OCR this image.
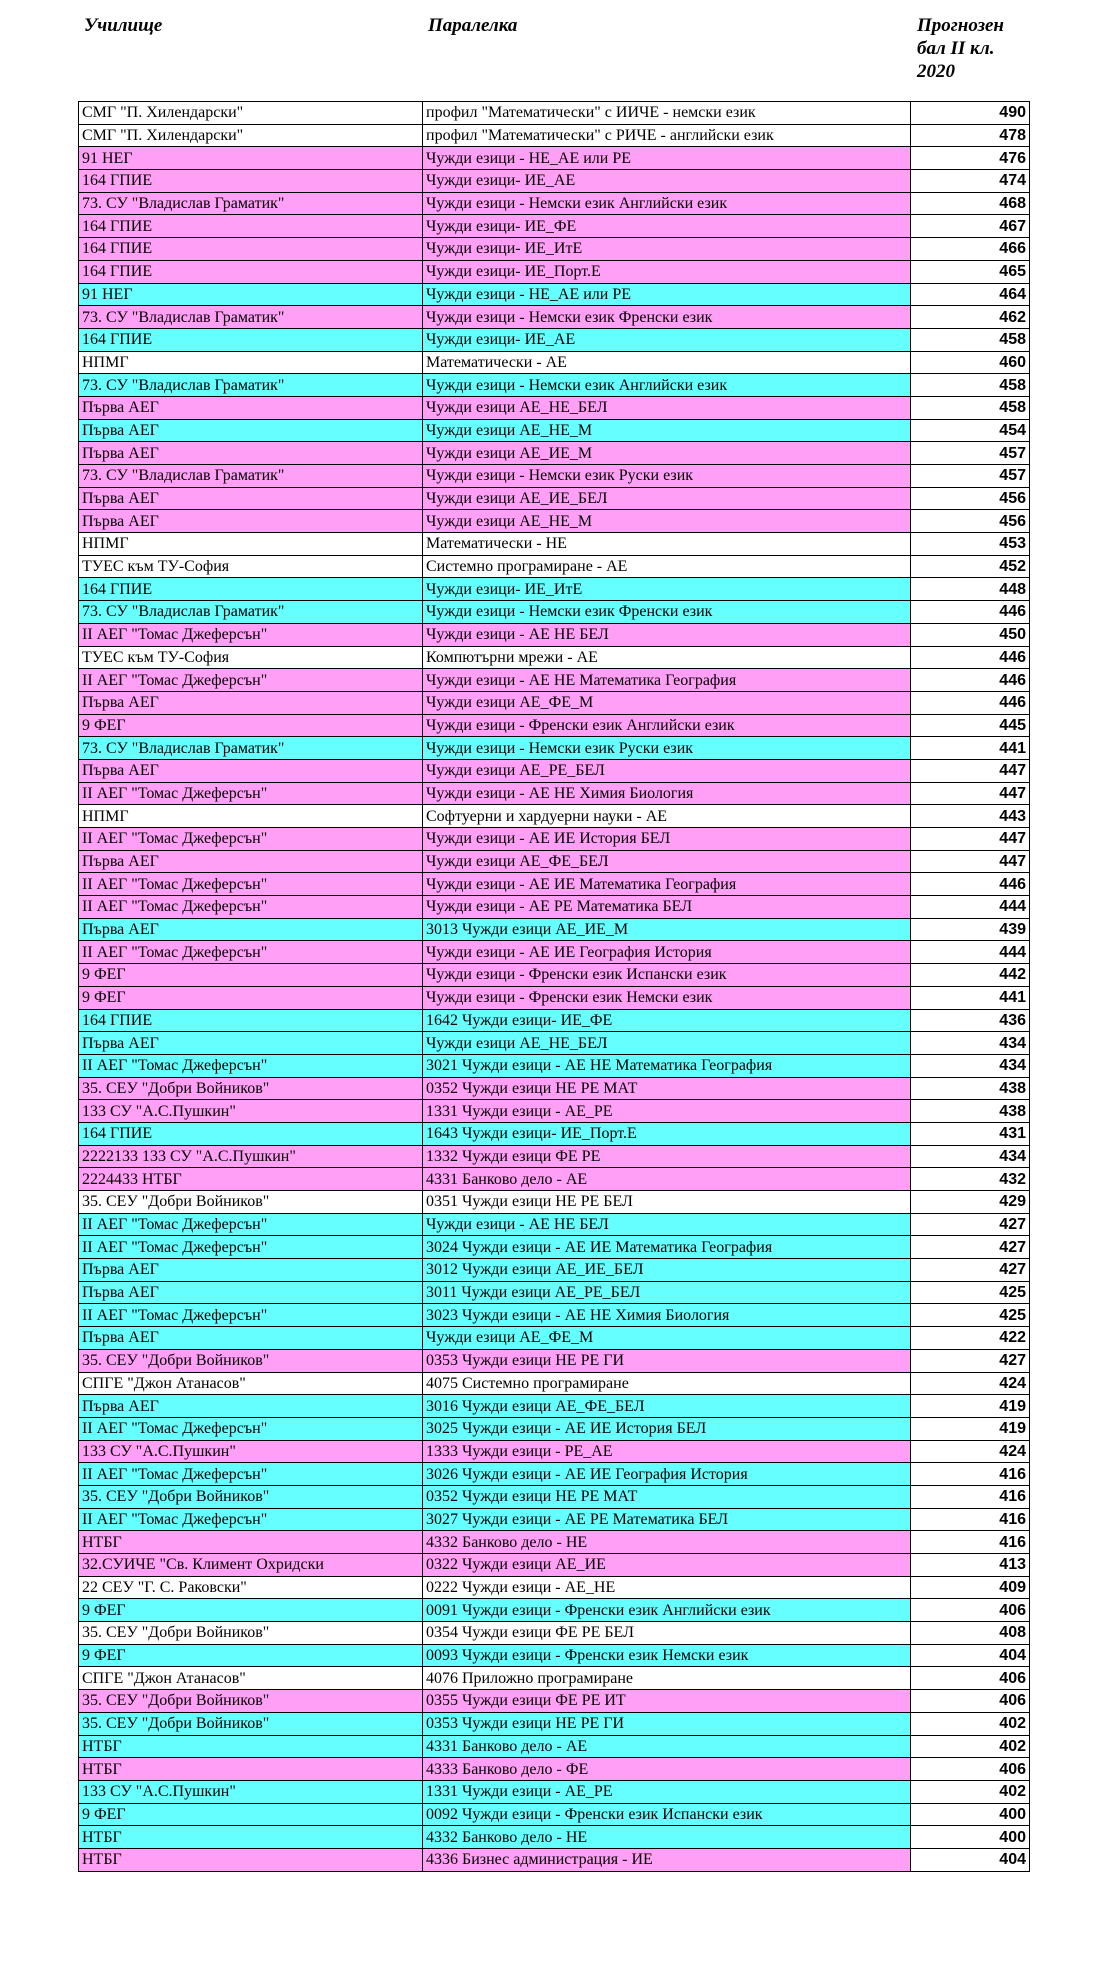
Училище	Паралелка	Прогнозен
бал II кл.
2020
СМГ "П. Хилендарски"	профил "Математически" с ИИЧЕ - немски език	490
СМГ "П. Хилендарски"	профил "Математически" с РИЧЕ - английски език	478
91 НЕГ	Чужди езици - НЕ_АЕ или РЕ	476
164 ГПИЕ	Чужди езици- ИЕ_АЕ	474
73. СУ "Владислав Граматик"	Чужди езици - Немски език Английски език	468
164 ГПИЕ	Чужди езици- ИЕ_ФЕ	467
164 ГПИЕ	Чужди езици- ИЕ_ИтЕ	466
164 ГПИЕ	Чужди езици- ИЕ_Порт.Е	465
91 НЕГ	Чужди езици - НЕ_АЕ или РЕ	464
73. СУ "Владислав Граматик"	Чужди езици - Немски език Френски език	462
164 ГПИЕ	Чужди езици- ИЕ_АЕ	458
НПМГ	Математически - АЕ	460
73. СУ "Владислав Граматик"	Чужди езици - Немски език Английски език	458
Първа АЕГ	Чужди езици АЕ_НЕ_БЕЛ	458
Първа АЕГ	Чужди езици АЕ_НЕ_М	454
Първа АЕГ	Чужди езици АЕ_ИЕ_М	457
73. СУ "Владислав Граматик"	Чужди езици - Немски език Руски език	457
Първа АЕГ	Чужди езици АЕ_ИЕ_БЕЛ	456
Първа АЕГ	Чужди езици АЕ_НЕ_М	456
НПМГ	Математически - НЕ	453
ТУЕС към ТУ-София	Системно програмиране - АЕ	452
164 ГПИЕ	Чужди езици- ИЕ_ИтЕ	448
73. СУ "Владислав Граматик"	Чужди езици - Немски език Френски език	446
II АЕГ "Томас Джеферсън"	Чужди езици - АЕ НЕ БЕЛ	450
ТУЕС към ТУ-София	Компютърни мрежи - АЕ	446
II АЕГ "Томас Джеферсън"	Чужди езици - АЕ НЕ Математика География	446
Първа АЕГ	Чужди езици АЕ_ФЕ_М	446
9 ФЕГ	Чужди езици - Френски език Английски език	445
73. СУ "Владислав Граматик"	Чужди езици - Немски език Руски език	441
Първа АЕГ	Чужди езици АЕ_РЕ_БЕЛ	447
II АЕГ "Томас Джеферсън"	Чужди езици - АЕ НЕ Химия Биология	447
НПМГ	Софтуерни и хардуерни науки - АЕ	443
II АЕГ "Томас Джеферсън"	Чужди езици - АЕ ИЕ История БЕЛ	447
Първа АЕГ	Чужди езици АЕ_ФЕ_БЕЛ	447
II АЕГ "Томас Джеферсън"	Чужди езици - АЕ ИЕ Математика География	446
II АЕГ "Томас Джеферсън"	Чужди езици - АЕ РЕ Математика БЕЛ	444
Първа АЕГ	3013 Чужди езици АЕ_ИЕ_М	439
II АЕГ "Томас Джеферсън"	Чужди езици - АЕ ИЕ География История	444
9 ФЕГ	Чужди езици - Френски език Испански език	442
9 ФЕГ	Чужди езици - Френски език Немски език	441
164 ГПИЕ	1642 Чужди езици- ИЕ_ФЕ	436
Първа АЕГ	Чужди езици АЕ_НЕ_БЕЛ	434
II АЕГ "Томас Джеферсън"	3021 Чужди езици - АЕ НЕ Математика География	434
35. СЕУ "Добри Войников"	0352 Чужди езици НЕ РЕ МАТ	438
133 СУ "А.С.Пушкин"	1331 Чужди езици - АЕ_РЕ	438
164 ГПИЕ	1643 Чужди езици- ИЕ_Порт.Е	431
2222133 133 СУ "А.С.Пушкин"	1332 Чужди езици ФЕ РЕ	434
2224433 НТБГ	4331 Банково дело - АЕ	432
35. СЕУ "Добри Войников"	0351 Чужди езици НЕ РЕ БЕЛ	429
II АЕГ "Томас Джеферсън"	Чужди езици - АЕ НЕ БЕЛ	427
II АЕГ "Томас Джеферсън"	3024 Чужди езици - АЕ ИЕ Математика География	427
Първа АЕГ	3012 Чужди езици АЕ_ИЕ_БЕЛ	427
Първа АЕГ	3011 Чужди езици АЕ_РЕ_БЕЛ	425
II АЕГ "Томас Джеферсън"	3023 Чужди езици - АЕ НЕ Химия Биология	425
Първа АЕГ	Чужди езици АЕ_ФЕ_М	422
35. СЕУ "Добри Войников"	0353 Чужди езици НЕ РЕ ГИ	427
СПГЕ "Джон Атанасов"	4075 Системно програмиране	424
Първа АЕГ	3016 Чужди езици АЕ_ФЕ_БЕЛ	419
II АЕГ "Томас Джеферсън"	3025 Чужди езици - АЕ ИЕ История БЕЛ	419
133 СУ "А.С.Пушкин"	1333 Чужди езици - РЕ_АЕ	424
II АЕГ "Томас Джеферсън"	3026 Чужди езици - АЕ ИЕ География История	416
35. СЕУ "Добри Войников"	0352 Чужди езици НЕ РЕ МАТ	416
II АЕГ "Томас Джеферсън"	3027 Чужди езици - АЕ РЕ Математика БЕЛ	416
НТБГ	4332 Банково дело - НЕ	416
32.СУИЧЕ "Св. Климент Охридски	0322 Чужди езици АЕ_ИЕ	413
22 СЕУ "Г. С. Раковски"	0222 Чужди езици - АЕ_НЕ	409
9 ФЕГ	0091 Чужди езици - Френски език Английски език	406
35. СЕУ "Добри Войников"	0354 Чужди езици ФЕ РЕ БЕЛ	408
9 ФЕГ	0093 Чужди езици - Френски език Немски език	404
СПГЕ "Джон Атанасов"	4076 Приложно програмиране	406
35. СЕУ "Добри Войников"	0355 Чужди езици ФЕ РЕ ИТ	406
35. СЕУ "Добри Войников"	0353 Чужди езици НЕ РЕ ГИ	402
НТБГ	4331 Банково дело - АЕ	402
НТБГ	4333 Банково дело - ФЕ	406
133 СУ "А.С.Пушкин"	1331 Чужди езици - АЕ_РЕ	402
9 ФЕГ	0092 Чужди езици - Френски език Испански език	400
НТБГ	4332 Банково дело - НЕ	400
НТБГ	4336 Бизнес администрация - ИЕ	404
